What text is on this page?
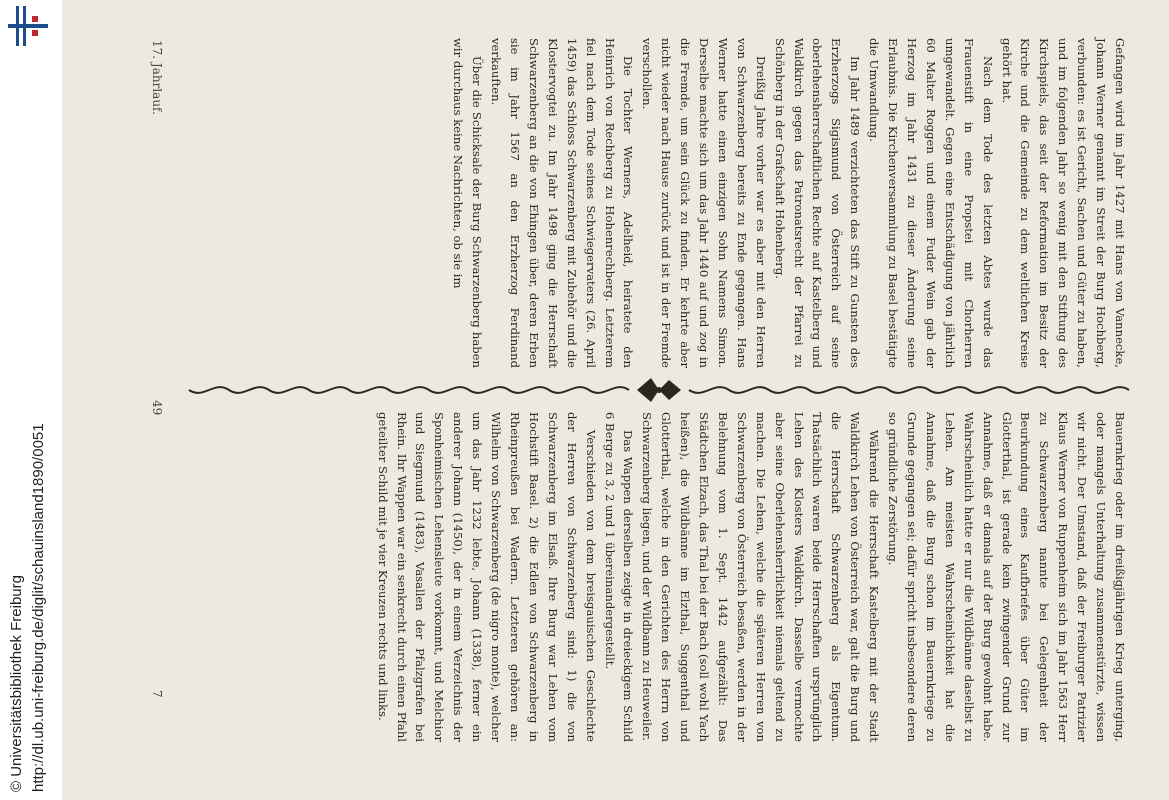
http://dl.ub.uni-freiburg.de/diglit/schauinsland1890/0051
© Universitätsbibliothek Freiburg

Gefangen wird im Jahr 1427 mit Hans von Vannecke, Johann Werner genannt im Streit der Burg Hochberg, verbunden: es ist Gericht, Sachen und Güter zu haben, und im folgenden Jahr so wenig mit den Stiftung des Kirchspiels, das seit der Reformation im Besitz der Kirche und die Gemeinde zu dem weltlichen Kreise gehört hat.

Nach dem Tode des letzten Abtes wurde das Frauenstift in eine Propstei mit Chorherren umgewandelt. Gegen eine Entschädigung von jährlich 60 Malter Roggen und einem Fuder Wein gab der Herzog im Jahr 1431 zu dieser Änderung seine Erlaubnis. Die Kirchenversammlung zu Basel bestätigte die Umwandlung.

Im Jahr 1489 verzichteten das Stift zu Gunsten des Erzherzogs Sigismund von Österreich auf seine oberlehensherrschaftlichen Rechte auf Kastelberg und Waldkirch gegen das Patronatsrecht der Pfarrei zu Schönberg in der Grafschaft Hohenberg.

Dreißig Jahre vorher war es aber mit den Herren von Schwarzenberg bereits zu Ende gegangen. Hans Werner hatte einen einzigen Sohn Namens Simon. Derselbe machte sich um das Jahr 1440 auf und zog in die Fremde, um sein Glück zu finden. Er kehrte aber nicht wieder nach Hause zurück und ist in der Fremde verschollen.

Die Tochter Werners, Adelheid, heiratete den Heinrich von Rechberg zu Hohenrechberg. Letzterem fiel nach dem Tode seines Schwiegervaters (26. April 1459) das Schloss Schwarzenberg mit Zubehör und die Klostervogtei zu. Im Jahr 1498 ging die Herrschaft Schwarzenberg an die von Ehingen über, deren Erben sie im Jahr 1567 an den Erzherzog Ferdinand verkauften.

Über die Schicksale der Burg Schwarzenberg haben wir durchaus keine Nachrichten, ob sie im

Bauernkrieg oder im dreißigjährigen Krieg unterging, oder mangels Unterhaltung zusammenstürzte, wissen wir nicht. Der Umstand, daß der Freiburger Patrizier Klaus Werner von Ruppenheim sich im Jahr 1563 Herr zu Schwarzenberg nannte bei Gelegenheit der Beurkundung eines Kaufbriefes über Güter im Glotterthal, ist gerade kein zwingender Grund zur Annahme, daß er damals auf der Burg gewohnt habe. Wahrscheinlich hatte er nur die Wildbänne daselbst zu Lehen. Am meisten Wahrscheinlichkeit hat die Annahme, daß die Burg schon im Bauernkriege zu Grunde gegangen sei; dafür spricht insbesondere deren so gründliche Zerstörung.

Während die Herrschaft Kastelberg mit der Stadt Waldkirch Lehen von Österreich war, galt die Burg und die Herrschaft Schwarzenberg als Eigentum. Thatsächlich waren beide Herrschaften ursprünglich Lehen des Klosters Waldkirch. Dasselbe vermochte aber seine Oberlehensherrlichkeit niemals geltend zu machen. Die Lehen, welche die späteren Herren von Schwarzenberg von Österreich besaßen, werden in der Belehnung vom 1. Sept. 1442 aufgezählt: Das Städtchen Elzach, das Thal bei der Bach (soll wohl Yach heißen), die Wildbänne im Elzthal, Suggenthal und Glotterthal, welche in den Gerichten des Herrn von Schwarzenberg liegen, und der Wildbann zu Heuweiler.

Das Wappen derselben zeigte in dreieckigem Schild 6 Berge zu 3, 2 und 1 übereinandergestellt.

Verschieden von dem breisgauischen Geschlechte der Herren von Schwarzenberg sind: 1) die von Schwarzenberg im Elsaß. Ihre Burg war Lehen vom Hochstift Basel. 2) die Edlen von Schwarzenberg in Rheinpreußen bei Wadern. Letzteren gehören an: Wilhelm von Schwarzenberg (de nigro monte), welcher um das Jahr 1232 lebte, Johann (1338), ferner ein anderer Johann (1450), der in einem Verzeichnis der Sponheimischen Lehensleute vorkommt, und Melchior und Siegmund (1483), Vasallen der Pfalzgrafen bei Rhein. Ihr Wappen war ein senkrecht durch einen Pfahl geteilter Schild mit je vier Kreuzen rechts und links.

17. Jahrlauf.
49
7
